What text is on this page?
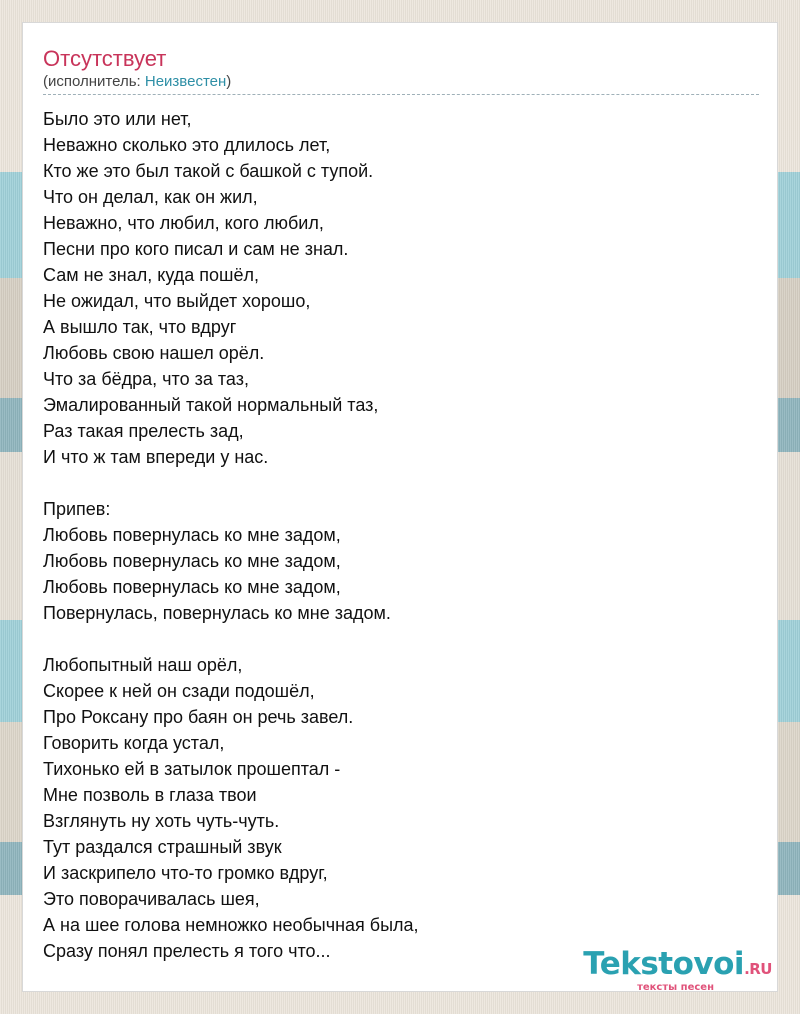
Отсутствует
(исполнитель: Неизвестен)
Было это или нет,
Неважно сколько это длилось лет,
Кто же это был такой с башкой с тупой.
Что он делал, как он жил,
Неважно, что любил, кого любил,
Песни про кого писал и сам не знал.
Сам не знал, куда пошёл,
Не ожидал, что выйдет хорошо,
А вышло так, что вдруг
Любовь свою нашел орёл.
Что за бёдра, что за таз,
Эмалированный такой нормальный таз,
Раз такая прелесть зад,
И что ж там впереди у нас.

Припев:
Любовь повернулась ко мне задом,
Любовь повернулась ко мне задом,
Любовь повернулась ко мне задом,
Повернулась, повернулась ко мне задом.

Любопытный наш орёл,
Скорее к ней он сзади подошёл,
Про Роксану про баян он речь завел.
Говорить когда устал,
Тихонько ей в затылок прошептал -
Мне позволь в глаза твои
Взглянуть ну хоть чуть-чуть.
Тут раздался страшный звук
И заскрипело что-то громко вдруг,
Это поворачивалась шея,
А на шее голова немножко необычная была,
Сразу понял прелесть я того что...	Tekstovoi.RU
тексты песен
